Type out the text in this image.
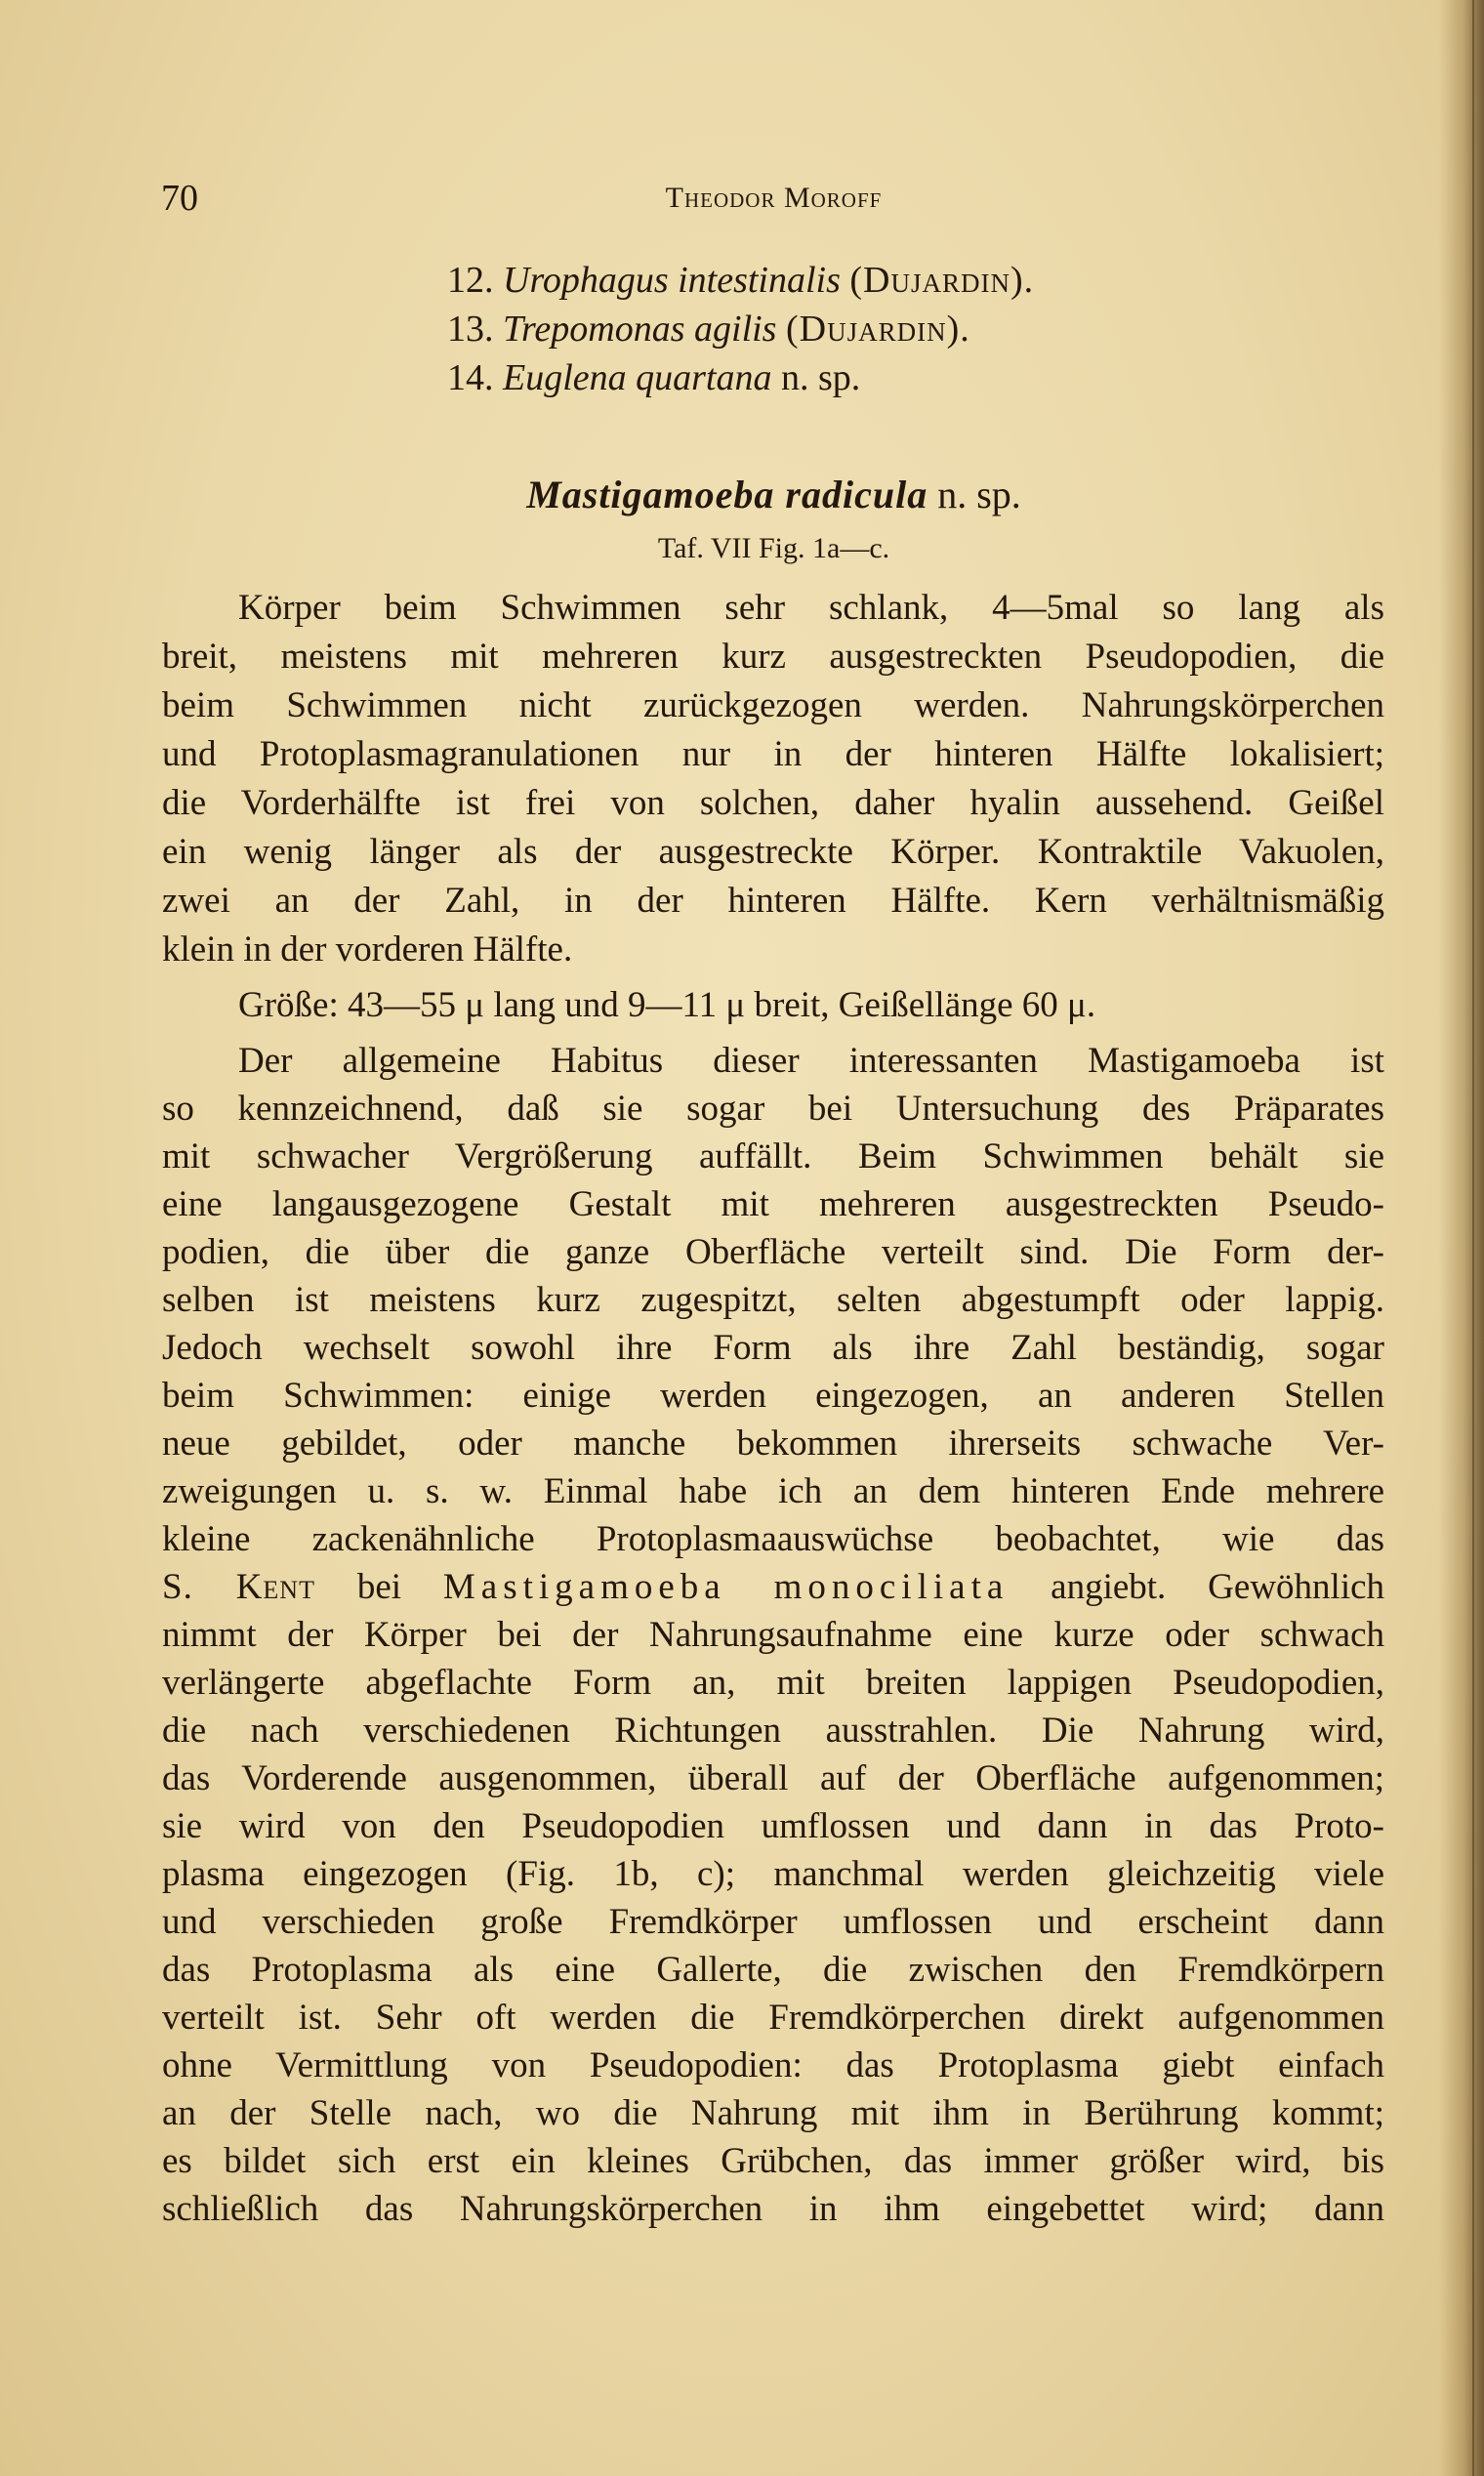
70	Theodor Moroff
12. Urophagus intestinalis (Dujardin).
13. Trepomonas agilis (Dujardin).
14. Euglena quartana n. sp.
Mastigamoeba radicula n. sp.
Taf. VII Fig. 1a—c.
Körper beim Schwimmen sehr schlank, 4—5mal so lang als
breit, meistens mit mehreren kurz ausgestreckten Pseudopodien, die
beim Schwimmen nicht zurückgezogen werden. Nahrungskörperchen
und Protoplasmagranulationen nur in der hinteren Hälfte lokalisiert;
die Vorderhälfte ist frei von solchen, daher hyalin aussehend. Geißel
ein wenig länger als der ausgestreckte Körper. Kontraktile Vakuolen,
zwei an der Zahl, in der hinteren Hälfte. Kern verhältnismäßig
klein in der vorderen Hälfte.
Größe: 43—55 μ lang und 9—11 μ breit, Geißellänge 60 μ.
Der allgemeine Habitus dieser interessanten Mastigamoeba ist
so kennzeichnend, daß sie sogar bei Untersuchung des Präparates
mit schwacher Vergrößerung auffällt. Beim Schwimmen behält sie
eine langausgezogene Gestalt mit mehreren ausgestreckten Pseudo-
podien, die über die ganze Oberfläche verteilt sind. Die Form der-
selben ist meistens kurz zugespitzt, selten abgestumpft oder lappig.
Jedoch wechselt sowohl ihre Form als ihre Zahl beständig, sogar
beim Schwimmen: einige werden eingezogen, an anderen Stellen
neue gebildet, oder manche bekommen ihrerseits schwache Ver-
zweigungen u. s. w. Einmal habe ich an dem hinteren Ende mehrere
kleine zackenähnliche Protoplasmaauswüchse beobachtet, wie das
S. Kent bei Mastigamoeba monociliata angiebt. Gewöhnlich
nimmt der Körper bei der Nahrungsaufnahme eine kurze oder schwach
verlängerte abgeflachte Form an, mit breiten lappigen Pseudopodien,
die nach verschiedenen Richtungen ausstrahlen. Die Nahrung wird,
das Vorderende ausgenommen, überall auf der Oberfläche aufgenommen;
sie wird von den Pseudopodien umflossen und dann in das Proto-
plasma eingezogen (Fig. 1b, c); manchmal werden gleichzeitig viele
und verschieden große Fremdkörper umflossen und erscheint dann
das Protoplasma als eine Gallerte, die zwischen den Fremdkörpern
verteilt ist. Sehr oft werden die Fremdkörperchen direkt aufgenommen
ohne Vermittlung von Pseudopodien: das Protoplasma giebt einfach
an der Stelle nach, wo die Nahrung mit ihm in Berührung kommt;
es bildet sich erst ein kleines Grübchen, das immer größer wird, bis
schließlich das Nahrungskörperchen in ihm eingebettet wird; dann
